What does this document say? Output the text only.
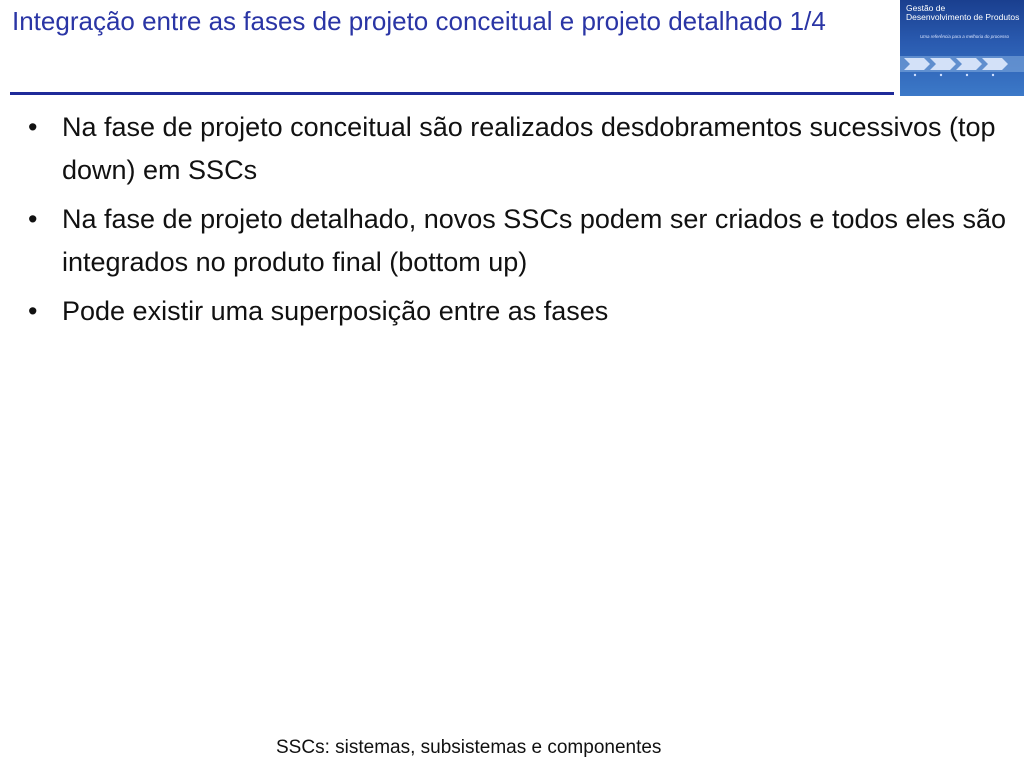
Integração entre as fases de projeto conceitual e projeto detalhado 1/4	Gestão de
Desenvolvimento de Produtos
Uma referência para a melhoria do processo
• Na fase de projeto conceitual são realizados desdobramentos sucessivos (top down) em SSCs
• Na fase de projeto detalhado, novos SSCs podem ser criados e todos eles são integrados no produto final (bottom up)
• Pode existir uma superposição entre as fases
SSCs: sistemas, subsistemas e componentes
